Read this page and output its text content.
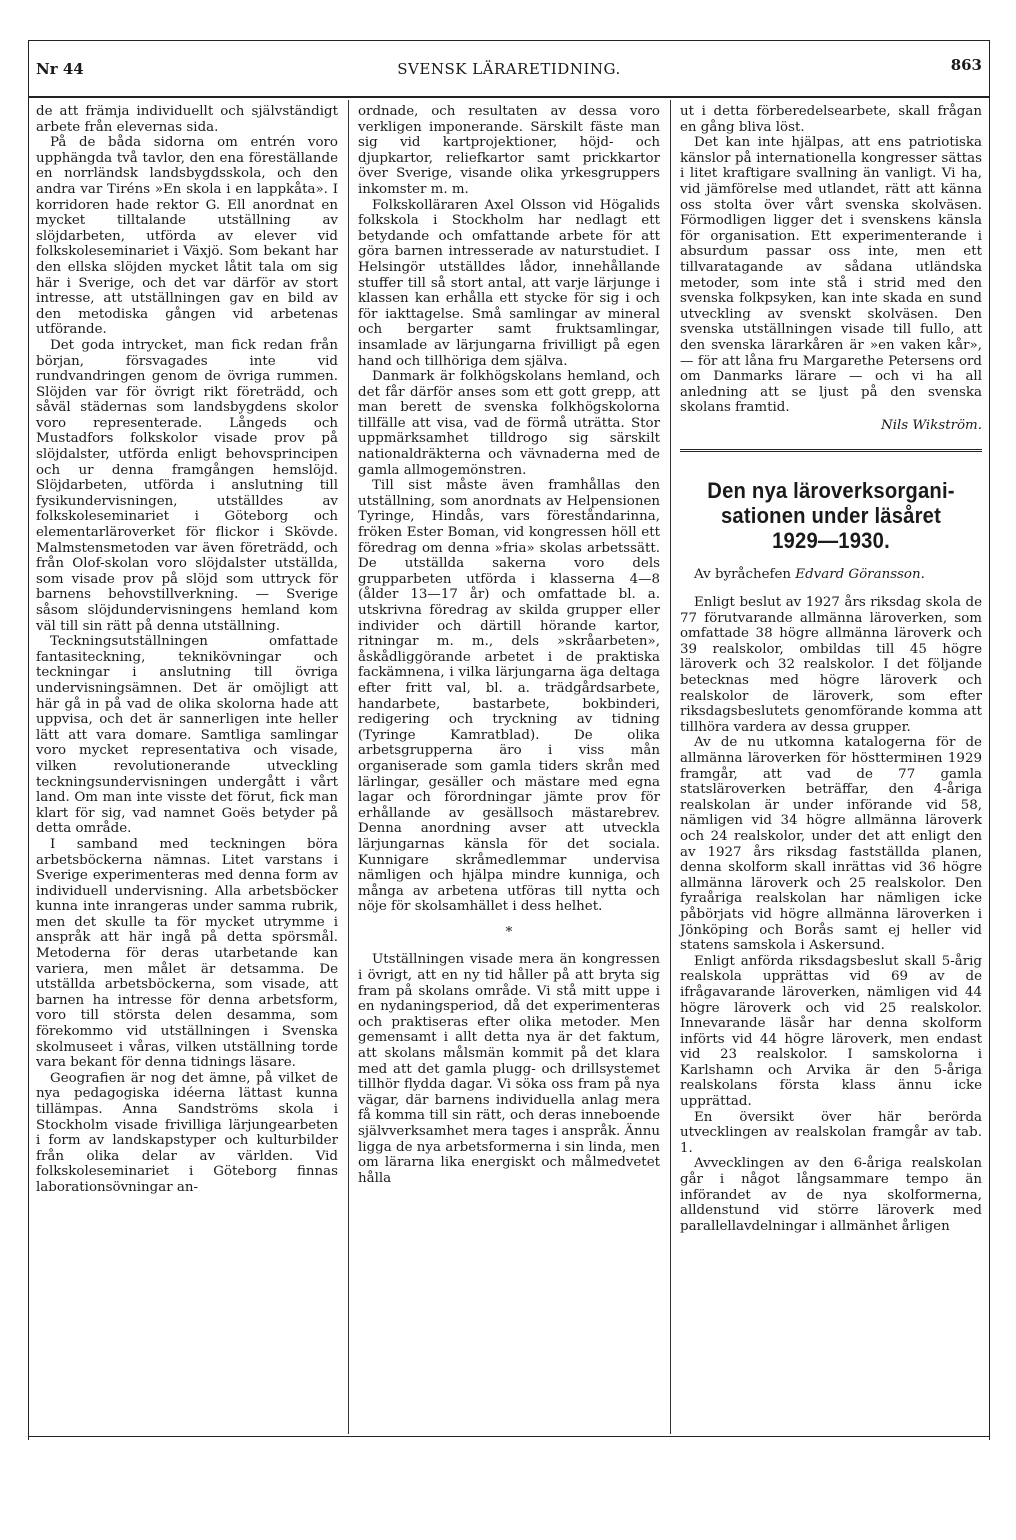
Nr 44	SVENSK LÄRARETIDNING.	863

de att främja individuellt och självständigt arbete från elevernas sida.

På de båda sidorna om entrén voro upphängda två tavlor, den ena föreställande en norrländsk landsbygdsskola, och den andra var Tiréns »En skola i en lappkåta». I korridoren hade rektor G. Ell anordnat en mycket tilltalande utställning av slöjdarbeten, utförda av elever vid folkskoleseminariet i Växjö. Som bekant har den ellska slöjden mycket låtit tala om sig här i Sverige, och det var därför av stort intresse, att utställningen gav en bild av den metodiska gången vid arbetenas utförande.

Det goda intrycket, man fick redan från början, försvagades inte vid rundvandringen genom de övriga rummen. Slöjden var för övrigt rikt företrädd, och såväl städernas som landsbygdens skolor voro representerade. Långeds och Mustadfors folkskolor visade prov på slöjdalster, utförda enligt behovsprincipen och ur denna framgången hemslöjd. Slöjdarbeten, utförda i anslutning till fysikundervisningen, utställdes av folkskoleseminariet i Göteborg och elementarläroverket för flickor i Skövde. Malmstensmetoden var även företrädd, och från Olof-skolan voro slöjdalster utställda, som visade prov på slöjd som uttryck för barnens behovstillverkning. — Sverige såsom slöjdundervisningens hemland kom väl till sin rätt på denna utställning.

Teckningsutställningen omfattade fantasiteckning, teknikövningar och teckningar i anslutning till övriga undervisningsämnen. Det är omöjligt att här gå in på vad de olika skolorna hade att uppvisa, och det är sannerligen inte heller lätt att vara domare. Samtliga samlingar voro mycket representativa och visade, vilken revolutionerande utveckling teckningsundervisningen undergått i vårt land. Om man inte visste det förut, fick man klart för sig, vad namnet Goës betyder på detta område.

I samband med teckningen böra arbetsböckerna nämnas. Litet varstans i Sverige experimenteras med denna form av individuell undervisning. Alla arbetsböcker kunna inte inrangeras under samma rubrik, men det skulle ta för mycket utrymme i anspråk att här ingå på detta spörsmål. Metoderna för deras utarbetande kan variera, men målet är detsamma. De utställda arbetsböckerna, som visade, att barnen ha intresse för denna arbetsform, voro till största delen desamma, som förekommo vid utställningen i Svenska skolmuseet i våras, vilken utställning torde vara bekant för denna tidnings läsare.

Geografien är nog det ämne, på vilket de nya pedagogiska idéerna lättast kunna tillämpas. Anna Sandströms skola i Stockholm visade frivilliga lärjungearbeten i form av landskapstyper och kulturbilder från olika delar av världen. Vid folkskoleseminariet i Göteborg finnas laborationsövningar an-

ordnade, och resultaten av dessa voro verkligen imponerande. Särskilt fäste man sig vid kartprojektioner, höjd- och djupkartor, reliefkartor samt prickkartor över Sverige, visande olika yrkesgruppers inkomster m. m.

Folkskolläraren Axel Olsson vid Högalids folkskola i Stockholm har nedlagt ett betydande och omfattande arbete för att göra barnen intresserade av naturstudiet. I Helsingör utställdes lådor, innehållande stuffer till så stort antal, att varje lärjunge i klassen kan erhålla ett stycke för sig i och för iakttagelse. Små samlingar av mineral och bergarter samt fruktsamlingar, insamlade av lärjungarna frivilligt på egen hand och tillhöriga dem själva.

Danmark är folkhögskolans hemland, och det får därför anses som ett gott grepp, att man berett de svenska folkhögskolorna tillfälle att visa, vad de förmå uträtta. Stor uppmärksamhet tilldrogo sig särskilt nationaldräkterna och vävnaderna med de gamla allmogemönstren.

Till sist måste även framhållas den utställning, som anordnats av Helpensionen Tyringe, Hindås, vars föreståndarinna, fröken Ester Boman, vid kongressen höll ett föredrag om denna »fria» skolas arbetssätt. De utställda sakerna voro dels grupparbeten utförda i klasserna 4—8 (ålder 13—17 år) och omfattade bl. a. utskrivna föredrag av skilda grupper eller individer och därtill hörande kartor, ritningar m. m., dels »skråarbeten», åskådliggörande arbetet i de praktiska fackämnena, i vilka lärjungarna äga deltaga efter fritt val, bl. a. trädgårdsarbete, handarbete, bastarbete, bokbinderi, redigering och tryckning av tidning (Tyringe Kamratblad). De olika arbetsgrupperna äro i viss mån organiserade som gamla tiders skrån med lärlingar, gesäller och mästare med egna lagar och förordningar jämte prov för erhållande av gesällsoch mästarebrev. Denna anordning avser att utveckla lärjungarnas känsla för det sociala. Kunnigare skråmedlemmar undervisa nämligen och hjälpa mindre kunniga, och många av arbetena utföras till nytta och nöje för skolsamhället i dess helhet.

*

Utställningen visade mera än kongressen i övrigt, att en ny tid håller på att bryta sig fram på skolans område. Vi stå mitt uppe i en nydaningsperiod, då det experimenteras och praktiseras efter olika metoder. Men gemensamt i allt detta nya är det faktum, att skolans målsmän kommit på det klara med att det gamla plugg- och drillsystemet tillhör flydda dagar. Vi söka oss fram på nya vägar, där barnens individuella anlag mera få komma till sin rätt, och deras inneboende självverksamhet mera tages i anspråk. Ännu ligga de nya arbetsformerna i sin linda, men om lärarna lika energiskt och målmedvetet hålla

ut i detta förberedelsearbete, skall frågan en gång bliva löst.

Det kan inte hjälpas, att ens patriotiska känslor på internationella kongresser sättas i litet kraftigare svallning än vanligt. Vi ha, vid jämförelse med utlandet, rätt att känna oss stolta över vårt svenska skolväsen. Förmodligen ligger det i svenskens känsla för organisation. Ett experimenterande i absurdum passar oss inte, men ett tillvaratagande av sådana utländska metoder, som inte stå i strid med den svenska folkpsyken, kan inte skada en sund utveckling av svenskt skolväsen. Den svenska utställningen visade till fullo, att den svenska lärarkåren är »en vaken kår», — för att låna fru Margarethe Petersens ord om Danmarks lärare — och vi ha all anledning att se ljust på den svenska skolans framtid.

Nils Wikström.
Den nya läroverksorgani-
sationen under läsåret
1929—1930.

Av byråchefen Edvard Göransson.

Enligt beslut av 1927 års riksdag skola de 77 förutvarande allmänna läroverken, som omfattade 38 högre allmänna läroverk och 39 realskolor, ombildas till 45 högre läroverk och 32 realskolor. I det följande betecknas med högre läroverk och realskolor de läroverk, som efter riksdagsbeslutets genomförande komma att tillhöra vardera av dessa grupper.

Av de nu utkomna katalogerna för de allmänna läroverken för hösttermінen 1929 framgår, att vad de 77 gamla statsläroverken beträffar, den 4-åriga realskolan är under införande vid 58, nämligen vid 34 högre allmänna läroverk och 24 realskolor, under det att enligt den av 1927 års riksdag fastställda planen, denna skolform skall inrättas vid 36 högre allmänna läroverk och 25 realskolor. Den fyraåriga realskolan har nämligen icke påbörjats vid högre allmänna läroverken i Jönköping och Borås samt ej heller vid statens samskola i Askersund.

Enligt anförda riksdagsbeslut skall 5-årig realskola upprättas vid 69 av de ifrågavarande läroverken, nämligen vid 44 högre läroverk och vid 25 realskolor. Innevarande läsår har denna skolform införts vid 44 högre läroverk, men endast vid 23 realskolor. I samskolorna i Karlshamn och Arvika är den 5-åriga realskolans första klass ännu icke upprättad.

En översikt över här berörda utvecklingen av realskolan framgår av tab. 1.

Avvecklingen av den 6-åriga realskolan går i något långsammare tempo än införandet av de nya skolformerna, alldenstund vid större läroverk med parallellavdelningar i allmänhet årligen
